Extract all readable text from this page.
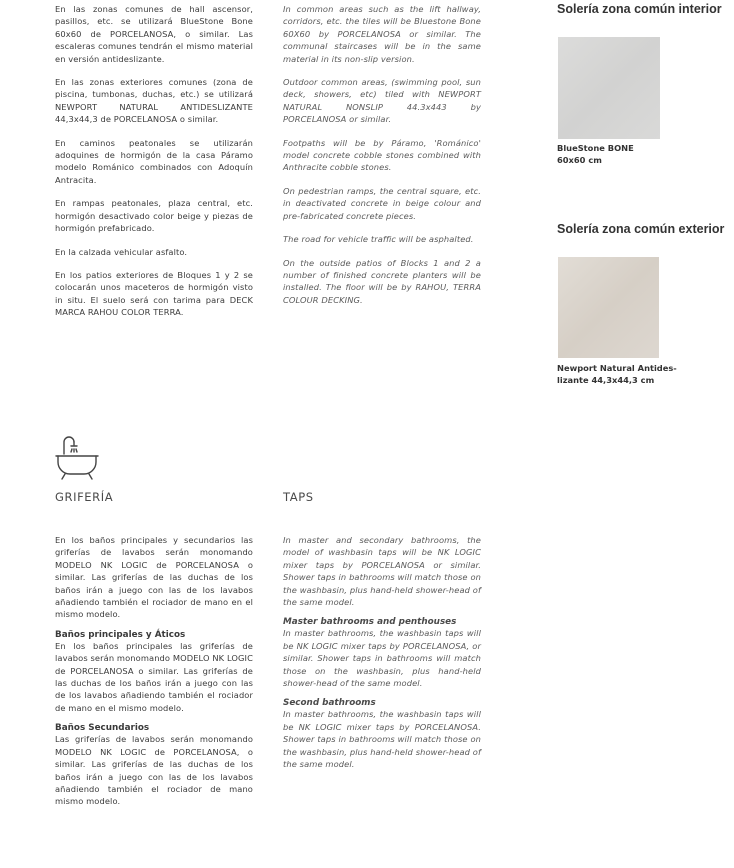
En las zonas comunes de hall ascensor, pasillos, etc. se utilizará BlueStone Bone 60x60 de PORCELANOSA, o similar. Las escaleras comunes tendrán el mismo material en versión antideslizante.

En las zonas exteriores comunes (zona de piscina, tumbonas, duchas, etc.) se utilizará NEWPORT NATURAL ANTIDESLIZANTE 44,3x44,3 de PORCELANOSA o similar.

En caminos peatonales se utilizarán adoquines de hormigón de la casa Páramo modelo Románico combinados con Adoquín Antracita.

En rampas peatonales, plaza central, etc. hormigón desactivado color beige y piezas de hormigón prefabricado.

En la calzada vehicular asfalto.

En los patios exteriores de Bloques 1 y 2 se colocarán unos maceteros de hormigón visto in situ. El suelo será con tarima para DECK MARCA RAHOU COLOR TERRA.

In common areas such as the lift hallway, corridors, etc. the tiles will be Bluestone Bone 60X60 by PORCELANOSA or similar. The communal staircases will be in the same material in its non-slip version.

Outdoor common areas, (swimming pool, sun deck, showers, etc) tiled with NEWPORT NATURAL NONSLIP 44.3x443 by PORCELANOSA or similar.

Footpaths will be by Páramo, 'Románico' model concrete cobble stones combined with Anthracite cobble stones.

On pedestrian ramps, the central square, etc. in deactivated concrete in beige colour and pre-fabricated concrete pieces.

The road for vehicle traffic will be asphalted.

On the outside patios of Blocks 1 and 2 a number of finished concrete planters will be installed. The floor will be by RAHOU, TERRA COLOUR DECKING.

Solería zona común interior
BlueStone BONE
60x60 cm
Solería zona común exterior
Newport Natural Antides-
lizante 44,3x44,3 cm
GRIFERÍA

En los baños principales y secundarios las griferías de lavabos serán monomando MODELO NK LOGIC de PORCELANOSA o similar. Las griferías de las duchas de los baños irán a juego con las de los lavabos añadiendo también el rociador de mano en el mismo modelo.

Baños principales y Áticos

En los baños principales las griferías de lavabos serán monomando MODELO NK LOGIC de PORCELANOSA o similar. Las griferías de las duchas de los baños irán a juego con las de los lavabos añadiendo también el rociador de mano en el mismo modelo.

Baños Secundarios

Las griferías de lavabos serán monomando MODELO NK LOGIC de PORCELANOSA, o similar. Las griferías de las duchas de los baños irán a juego con las de los lavabos añadiendo también el rociador de mano mismo modelo.

TAPS

In master and secondary bathrooms, the model of washbasin taps will be NK LOGIC mixer taps by PORCELANOSA or similar. Shower taps in bathrooms will match those on the washbasin, plus hand-held shower-head of the same model.

Master bathrooms and penthouses

In master bathrooms, the washbasin taps will be NK LOGIC mixer taps by PORCELANOSA, or similar. Shower taps in bathrooms will match those on the washbasin, plus hand-held shower-head of the same model.

Second bathrooms

In master bathrooms, the washbasin taps will be NK LOGIC mixer taps by PORCELANOSA. Shower taps in bathrooms will match those on the washbasin, plus hand-held shower-head of the same model.
